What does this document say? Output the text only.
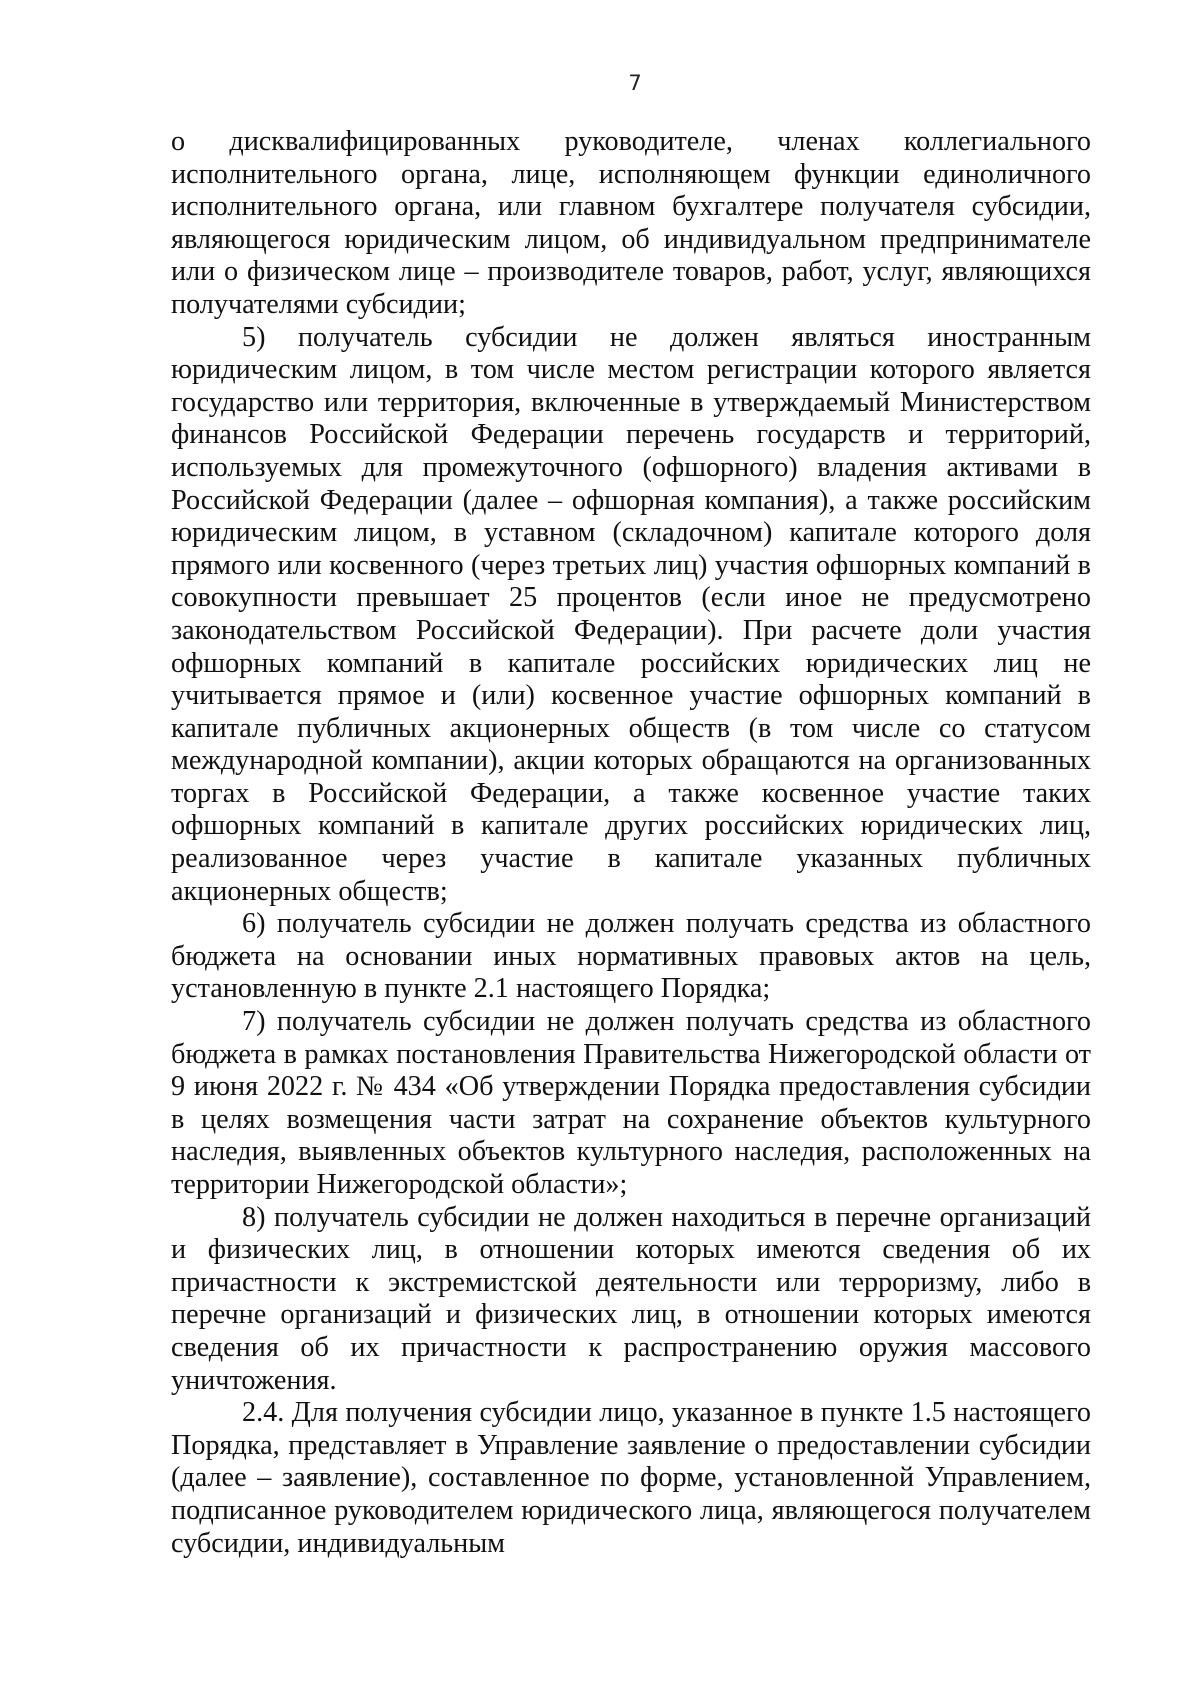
7

о дисквалифицированных руководителе, членах коллегиального исполнительного органа, лице, исполняющем функции единоличного исполнительного органа, или главном бухгалтере получателя субсидии, являющегося юридическим лицом, об индивидуальном предпринимателе или о физическом лице – производителе товаров, работ, услуг, являющихся получателями субсидии;

5) получатель субсидии не должен являться иностранным юридическим лицом, в том числе местом регистрации которого является государство или территория, включенные в утверждаемый Министерством финансов Российской Федерации перечень государств и территорий, используемых для промежуточного (офшорного) владения активами в Российской Федерации (далее – офшорная компания), а также российским юридическим лицом, в уставном (складочном) капитале которого доля прямого или косвенного (через третьих лиц) участия офшорных компаний в совокупности превышает 25 процентов (если иное не предусмотрено законодательством Российской Федерации). При расчете доли участия офшорных компаний в капитале российских юридических лиц не учитывается прямое и (или) косвенное участие офшорных компаний в капитале публичных акционерных обществ (в том числе со статусом международной компании), акции которых обращаются на организованных торгах в Российской Федерации, а также косвенное участие таких офшорных компаний в капитале других российских юридических лиц, реализованное через участие в капитале указанных публичных акционерных обществ;

6) получатель субсидии не должен получать средства из областного бюджета на основании иных нормативных правовых актов на цель, установленную в пункте 2.1 настоящего Порядка;

7) получатель субсидии не должен получать средства из областного бюджета в рамках постановления Правительства Нижегородской области от 9 июня 2022 г. № 434 «Об утверждении Порядка предоставления субсидии в целях возмещения части затрат на сохранение объектов культурного наследия, выявленных объектов культурного наследия, расположенных на территории Нижегородской области»;

8) получатель субсидии не должен находиться в перечне организаций и физических лиц, в отношении которых имеются сведения об их причастности к экстремистской деятельности или терроризму, либо в перечне организаций и физических лиц, в отношении которых имеются сведения об их причастности к распространению оружия массового уничтожения.

2.4. Для получения субсидии лицо, указанное в пункте 1.5 настоящего Порядка, представляет в Управление заявление о предоставлении субсидии (далее – заявление), составленное по форме, установленной Управлением, подписанное руководителем юридического лица, являющегося получателем субсидии, индивидуальным
